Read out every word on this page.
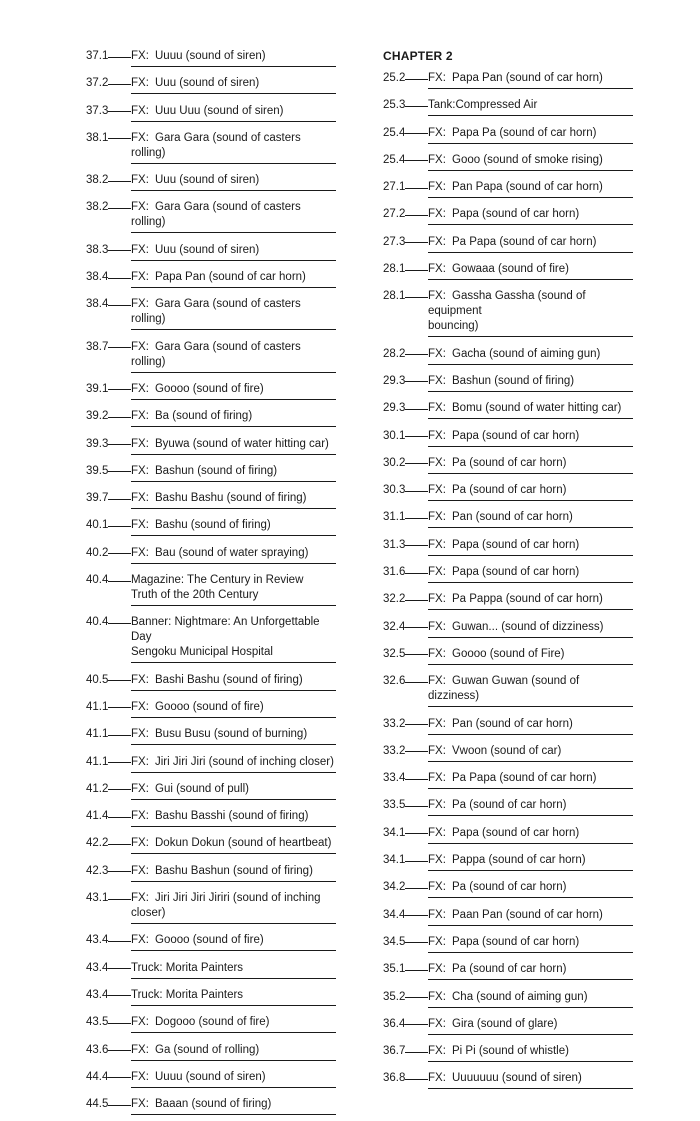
37.1 FX: Uuuu (sound of siren)
37.2 FX: Uuu (sound of siren)
37.3 FX: Uuu Uuu (sound of siren)
38.1 FX: Gara Gara (sound of casters rolling)
38.2 FX: Uuu (sound of siren)
38.2 FX: Gara Gara (sound of casters rolling)
38.3 FX: Uuu (sound of siren)
38.4 FX: Papa Pan (sound of car horn)
38.4 FX: Gara Gara (sound of casters rolling)
38.7 FX: Gara Gara (sound of casters rolling)
39.1 FX: Goooo (sound of fire)
39.2 FX: Ba (sound of firing)
39.3 FX: Byuwa (sound of water hitting car)
39.5 FX: Bashun (sound of firing)
39.7 FX: Bashu Bashu (sound of firing)
40.1 FX: Bashu (sound of firing)
40.2 FX: Bau (sound of water spraying)
40.4 Magazine: The Century in Review
Truth of the 20th Century
40.4 Banner: Nightmare: An Unforgettable Day
Sengoku Municipal Hospital
40.5 FX: Bashi Bashu (sound of firing)
41.1 FX: Goooo (sound of fire)
41.1 FX: Busu Busu (sound of burning)
41.1 FX: Jiri Jiri Jiri (sound of inching closer)
41.2 FX: Gui (sound of pull)
41.4 FX: Bashu Basshi (sound of firing)
42.2 FX: Dokun Dokun (sound of heartbeat)
42.3 FX: Bashu Bashun (sound of firing)
43.1 FX: Jiri Jiri Jiri Jiriri (sound of inching closer)
43.4 FX: Goooo (sound of fire)
43.4 Truck: Morita Painters
43.4 Truck: Morita Painters
43.5 FX: Dogooo (sound of fire)
43.6 FX: Ga (sound of rolling)
44.4 FX: Uuuu (sound of siren)
44.5 FX: Baaan (sound of firing)
CHAPTER 2
25.2 FX: Papa Pan (sound of car horn)
25.3 Tank:Compressed Air
25.4 FX: Papa Pa (sound of car horn)
25.4 FX: Gooo (sound of smoke rising)
27.1 FX: Pan Papa (sound of car horn)
27.2 FX: Papa (sound of car horn)
27.3 FX: Pa Papa (sound of car horn)
28.1 FX: Gowaaa (sound of fire)
28.1 FX: Gassha Gassha (sound of equipment
bouncing)
28.2 FX: Gacha (sound of aiming gun)
29.3 FX: Bashun (sound of firing)
29.3 FX: Bomu (sound of water hitting car)
30.1 FX: Papa (sound of car horn)
30.2 FX: Pa (sound of car horn)
30.3 FX: Pa (sound of car horn)
31.1 FX: Pan (sound of car horn)
31.3 FX: Papa (sound of car horn)
31.6 FX: Papa (sound of car horn)
32.2 FX: Pa Pappa (sound of car horn)
32.4 FX: Guwan... (sound of dizziness)
32.5 FX: Goooo (sound of Fire)
32.6 FX: Guwan Guwan (sound of dizziness)
33.2 FX: Pan (sound of car horn)
33.2 FX: Vwoon (sound of car)
33.4 FX: Pa Papa (sound of car horn)
33.5 FX: Pa (sound of car horn)
34.1 FX: Papa (sound of car horn)
34.1 FX: Pappa (sound of car horn)
34.2 FX: Pa (sound of car horn)
34.4 FX: Paan Pan (sound of car horn)
34.5 FX: Papa (sound of car horn)
35.1 FX: Pa (sound of car horn)
35.2 FX: Cha (sound of aiming gun)
36.4 FX: Gira (sound of glare)
36.7 FX: Pi Pi (sound of whistle)
36.8 FX: Uuuuuuu (sound of siren)
